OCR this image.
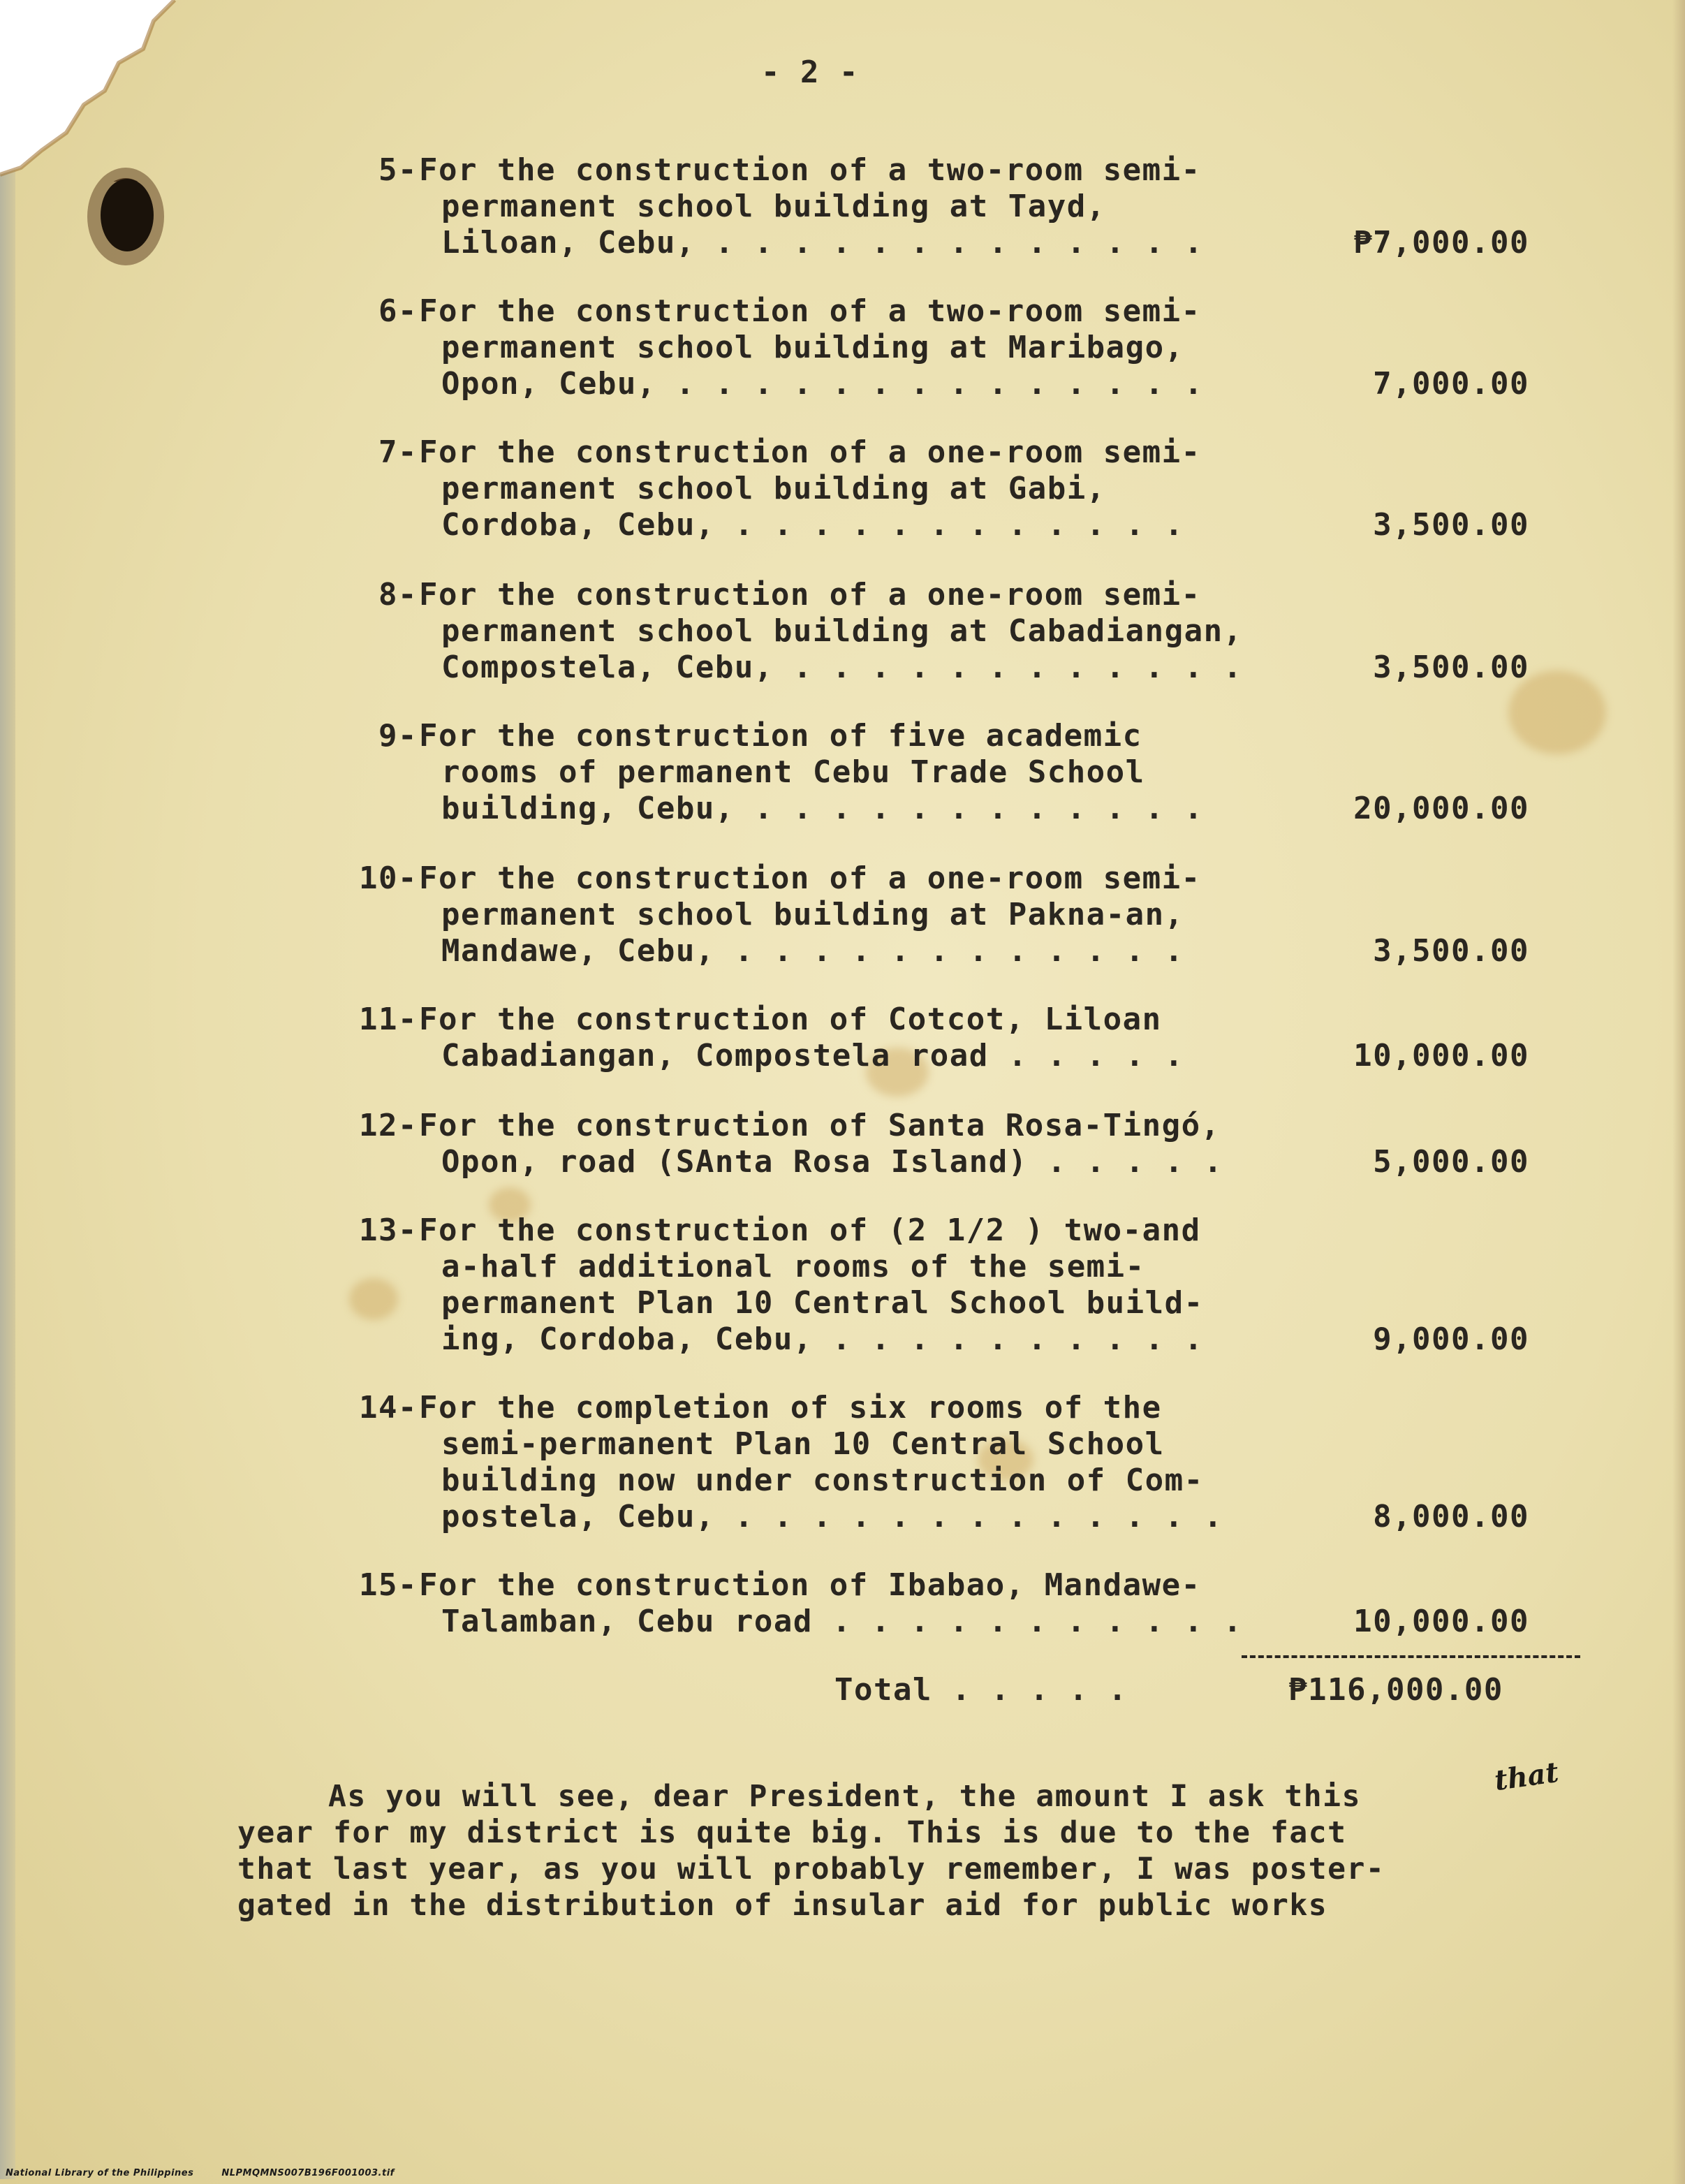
- 2 -
5- For the construction of a two-room semi-
permanent school building at Tayd,
Liloan, Cebu, . . . . . . . . . . . . .	₱7,000.00
6- For the construction of a two-room semi-
permanent school building at Maribago,
Opon, Cebu, . . . . . . . . . . . . . .	7,000.00
7- For the construction of a one-room semi-
permanent school building at Gabi,
Cordoba, Cebu, . . . . . . . . . . . .	3,500.00
8- For the construction of a one-room semi-
permanent school building at Cabadiangan,
Compostela, Cebu, . . . . . . . . . . . .	3,500.00
9- For the construction of five academic
rooms of permanent Cebu Trade School
building, Cebu, . . . . . . . . . . . .	20,000.00
10- For the construction of a one-room semi-
permanent school building at Pakna-an,
Mandawe, Cebu, . . . . . . . . . . . .	3,500.00
11- For the construction of Cotcot, Liloan
Cabadiangan, Compostela road . . . . .	10,000.00
12- For the construction of Santa Rosa-Tingó,
Opon, road (SAnta Rosa Island) . . . . .	5,000.00
13- For the construction of (2 1/2 ) two-and
a-half additional rooms of the semi-
permanent Plan 10 Central School build-
ing, Cordoba, Cebu, . . . . . . . . . .	9,000.00
14- For the completion of six rooms of the
semi-permanent Plan 10 Central School
building now under construction of Com-
postela, Cebu, . . . . . . . . . . . . .	8,000.00
15- For the construction of Ibabao, Mandawe-
Talamban, Cebu road . . . . . . . . . . .	10,000.00
Total . . . . .	₱116,000.00
As you will see, dear President, the amount I ask this
year for my district is quite big. This is due to the fact
that last year, as you will probably remember, I was poster-
gated in the distribution of insular aid for public works
that
National Library of the Philippines	NLPMQMNS007B196F001003.tif
